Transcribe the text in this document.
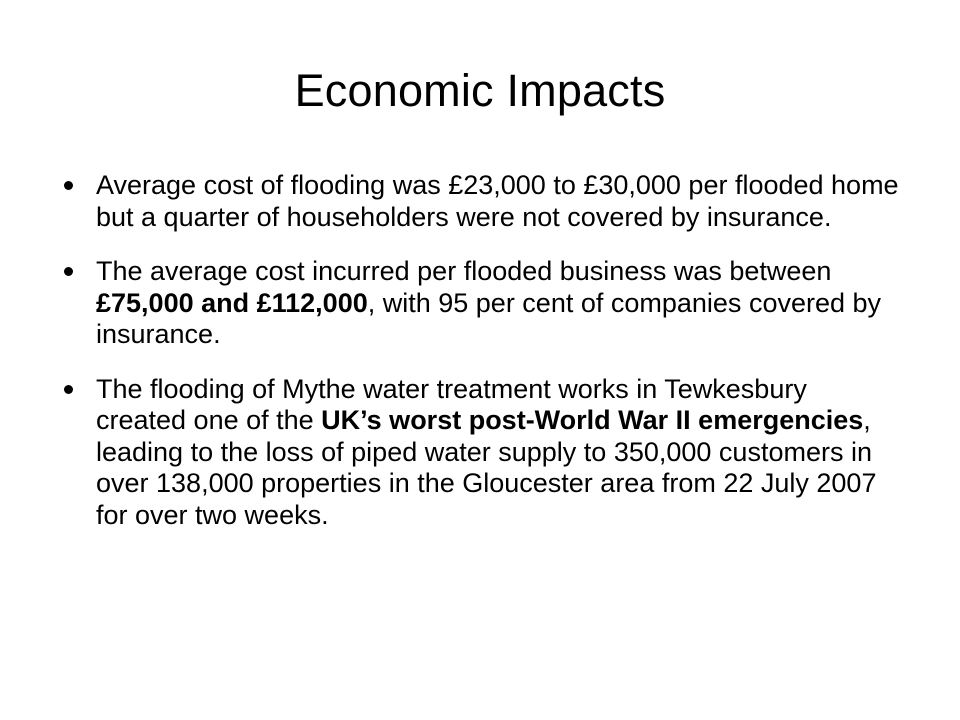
Economic Impacts
Average cost of flooding was £23,000 to £30,000 per flooded home but a quarter of householders were not covered by insurance.
The average cost incurred per flooded business was between £75,000 and £112,000, with 95 per cent of companies covered by insurance.
The flooding of Mythe water treatment works in Tewkesbury created one of the UK’s worst post-World War II emergencies, leading to the loss of piped water supply to 350,000 customers in over 138,000 properties in the Gloucester area from 22 July 2007 for over two weeks.
